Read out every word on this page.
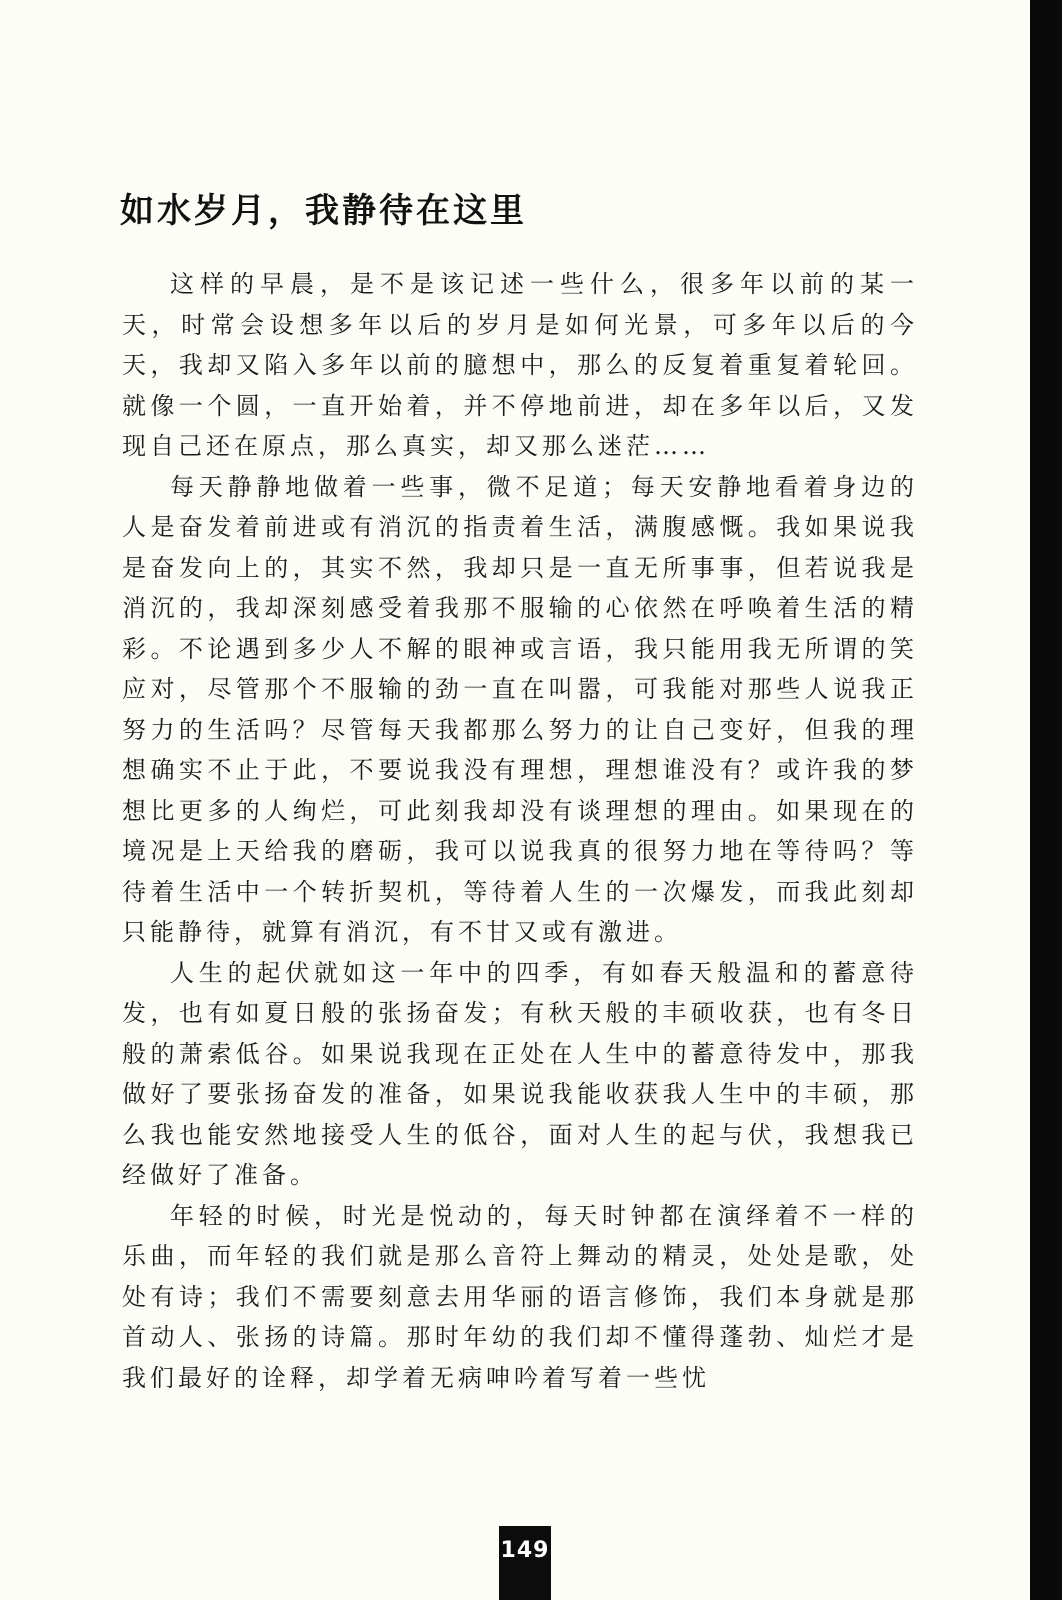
如水岁月，我静待在这里

这样的早晨，是不是该记述一些什么，很多年以前的某一天，时常会设想多年以后的岁月是如何光景，可多年以后的今天，我却又陷入多年以前的臆想中，那么的反复着重复着轮回。就像一个圆，一直开始着，并不停地前进，却在多年以后，又发现自己还在原点，那么真实，却又那么迷茫……

每天静静地做着一些事，微不足道；每天安静地看着身边的人是奋发着前进或有消沉的指责着生活，满腹感慨。我如果说我是奋发向上的，其实不然，我却只是一直无所事事，但若说我是消沉的，我却深刻感受着我那不服输的心依然在呼唤着生活的精彩。不论遇到多少人不解的眼神或言语，我只能用我无所谓的笑应对，尽管那个不服输的劲一直在叫嚣，可我能对那些人说我正努力的生活吗？尽管每天我都那么努力的让自己变好，但我的理想确实不止于此，不要说我没有理想，理想谁没有？或许我的梦想比更多的人绚烂，可此刻我却没有谈理想的理由。如果现在的境况是上天给我的磨砺，我可以说我真的很努力地在等待吗？等待着生活中一个转折契机，等待着人生的一次爆发，而我此刻却只能静待，就算有消沉，有不甘又或有激进。

人生的起伏就如这一年中的四季，有如春天般温和的蓄意待发，也有如夏日般的张扬奋发；有秋天般的丰硕收获，也有冬日般的萧索低谷。如果说我现在正处在人生中的蓄意待发中，那我做好了要张扬奋发的准备，如果说我能收获我人生中的丰硕，那么我也能安然地接受人生的低谷，面对人生的起与伏，我想我已经做好了准备。

年轻的时候，时光是悦动的，每天时钟都在演绎着不一样的乐曲，而年轻的我们就是那么音符上舞动的精灵，处处是歌，处处有诗；我们不需要刻意去用华丽的语言修饰，我们本身就是那首动人、张扬的诗篇。那时年幼的我们却不懂得蓬勃、灿烂才是我们最好的诠释，却学着无病呻吟着写着一些忧

149
